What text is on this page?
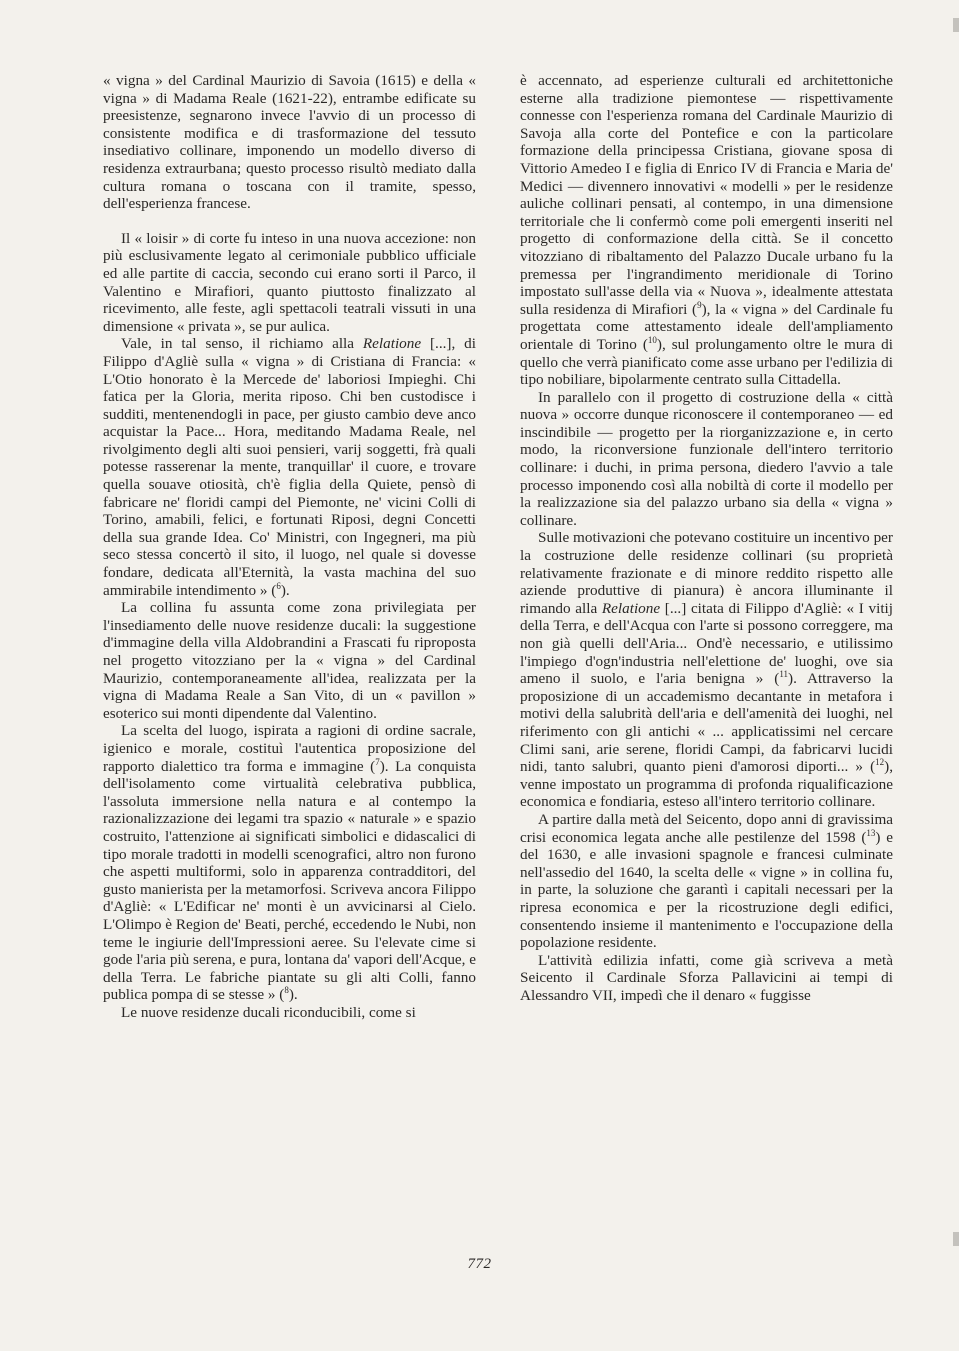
« vigna » del Cardinal Maurizio di Savoia (1615) e della « vigna » di Madama Reale (1621-22), entrambe edificate su preesistenze, segnarono invece l'avvio di un processo di consistente modifica e di trasformazione del tessuto insediativo collinare, imponendo un modello diverso di residenza extraurbana; questo processo risultò mediato dalla cultura romana o toscana con il tramite, spesso, dell'esperienza francese.

Il « loisir » di corte fu inteso in una nuova accezione: non più esclusivamente legato al cerimoniale pubblico ufficiale ed alle partite di caccia, secondo cui erano sorti il Parco, il Valentino e Mirafiori, quanto piuttosto finalizzato al ricevimento, alle feste, agli spettacoli teatrali vissuti in una dimensione « privata », se pur aulica.

Vale, in tal senso, il richiamo alla Relatione [...], di Filippo d'Agliè sulla « vigna » di Cristiana di Francia: « L'Otio honorato è la Mercede de' laboriosi Impieghi. Chi fatica per la Gloria, merita riposo. Chi ben custodisce i sudditi, mentenendogli in pace, per giusto cambio deve anco acquistar la Pace... Hora, meditando Madama Reale, nel rivolgimento degli alti suoi pensieri, varij soggetti, frà quali potesse rasserenar la mente, tranquillar' il cuore, e trovare quella souave otiosità, ch'è figlia della Quiete, pensò di fabricare ne' floridi campi del Piemonte, ne' vicini Colli di Torino, amabili, felici, e fortunati Riposi, degni Concetti della sua grande Idea. Co' Ministri, con Ingegneri, ma più seco stessa concertò il sito, il luogo, nel quale si dovesse fondare, dedicata all'Eternità, la vasta machina del suo ammirabile intendimento » ($^6$).

La collina fu assunta come zona privilegiata per l'insediamento delle nuove residenze ducali: la suggestione d'immagine della villa Aldobrandini a Frascati fu riproposta nel progetto vitozziano per la « vigna » del Cardinal Maurizio, contemporaneamente all'idea, realizzata per la vigna di Madama Reale a San Vito, di un « pavillon » esoterico sui monti dipendente dal Valentino.

La scelta del luogo, ispirata a ragioni di ordine sacrale, igienico e morale, costituì l'autentica proposizione del rapporto dialettico tra forma e immagine ($^7$). La conquista dell'isolamento come virtualità celebrativa pubblica, l'assoluta immersione nella natura e al contempo la razionalizzazione dei legami tra spazio « naturale » e spazio costruito, l'attenzione ai significati simbolici e didascalici di tipo morale tradotti in modelli scenografici, altro non furono che aspetti multiformi, solo in apparenza contradditori, del gusto manierista per la metamorfosi. Scriveva ancora Filippo d'Agliè: « L'Edificar ne' monti è un avvicinarsi al Cielo. L'Olimpo è Region de' Beati, perché, eccedendo le Nubi, non teme le ingiurie dell'Impressioni aeree. Su l'elevate cime si gode l'aria più serena, e pura, lontana da' vapori dell'Acque, e della Terra. Le fabriche piantate su gli alti Colli, fanno publica pompa di se stesse » ($^8$).

Le nuove residenze ducali riconducibili, come si

è accennato, ad esperienze culturali ed architettoniche esterne alla tradizione piemontese — rispettivamente connesse con l'esperienza romana del Cardinale Maurizio di Savoja alla corte del Pontefice e con la particolare formazione della principessa Cristiana, giovane sposa di Vittorio Amedeo I e figlia di Enrico IV di Francia e Maria de' Medici — divennero innovativi « modelli » per le residenze auliche collinari pensati, al contempo, in una dimensione territoriale che li confermò come poli emergenti inseriti nel progetto di conformazione della città. Se il concetto vitozziano di ribaltamento del Palazzo Ducale urbano fu la premessa per l'ingrandimento meridionale di Torino impostato sull'asse della via « Nuova », idealmente attestata sulla residenza di Mirafiori ($^9$), la « vigna » del Cardinale fu progettata come attestamento ideale dell'ampliamento orientale di Torino ($^{10}$), sul prolungamento oltre le mura di quello che verrà pianificato come asse urbano per l'edilizia di tipo nobiliare, bipolarmente centrato sulla Cittadella.

In parallelo con il progetto di costruzione della « città nuova » occorre dunque riconoscere il contemporaneo — ed inscindibile — progetto per la riorganizzazione e, in certo modo, la riconversione funzionale dell'intero territorio collinare: i duchi, in prima persona, diedero l'avvio a tale processo imponendo così alla nobiltà di corte il modello per la realizzazione sia del palazzo urbano sia della « vigna » collinare.

Sulle motivazioni che potevano costituire un incentivo per la costruzione delle residenze collinari (su proprietà relativamente frazionate e di minore reddito rispetto alle aziende produttive di pianura) è ancora illuminante il rimando alla Relatione [...] citata di Filippo d'Agliè: « I vitij della Terra, e dell'Acqua con l'arte si possono correggere, ma non già quelli dell'Aria... Ond'è necessario, e utilissimo l'impiego d'ogn'industria nell'elettione de' luoghi, ove sia ameno il suolo, e l'aria benigna » ($^{11}$). Attraverso la proposizione di un accademismo decantante in metafora i motivi della salubrità dell'aria e dell'amenità dei luoghi, nel riferimento con gli antichi « ... applicatissimi nel cercare Climi sani, arie serene, floridi Campi, da fabricarvi lucidi nidi, tanto salubri, quanto pieni d'amorosi diporti... » ($^{12}$), venne impostato un programma di profonda riqualificazione economica e fondiaria, esteso all'intero territorio collinare.

A partire dalla metà del Seicento, dopo anni di gravissima crisi economica legata anche alle pestilenze del 1598 ($^{13}$) e del 1630, e alle invasioni spagnole e francesi culminate nell'assedio del 1640, la scelta delle « vigne » in collina fu, in parte, la soluzione che garantì i capitali necessari per la ripresa economica e per la ricostruzione degli edifici, consentendo insieme il mantenimento e l'occupazione della popolazione residente.

L'attività edilizia infatti, come già scriveva a metà Seicento il Cardinale Sforza Pallavicini ai tempi di Alessandro VII, impedì che il denaro « fuggisse

772
